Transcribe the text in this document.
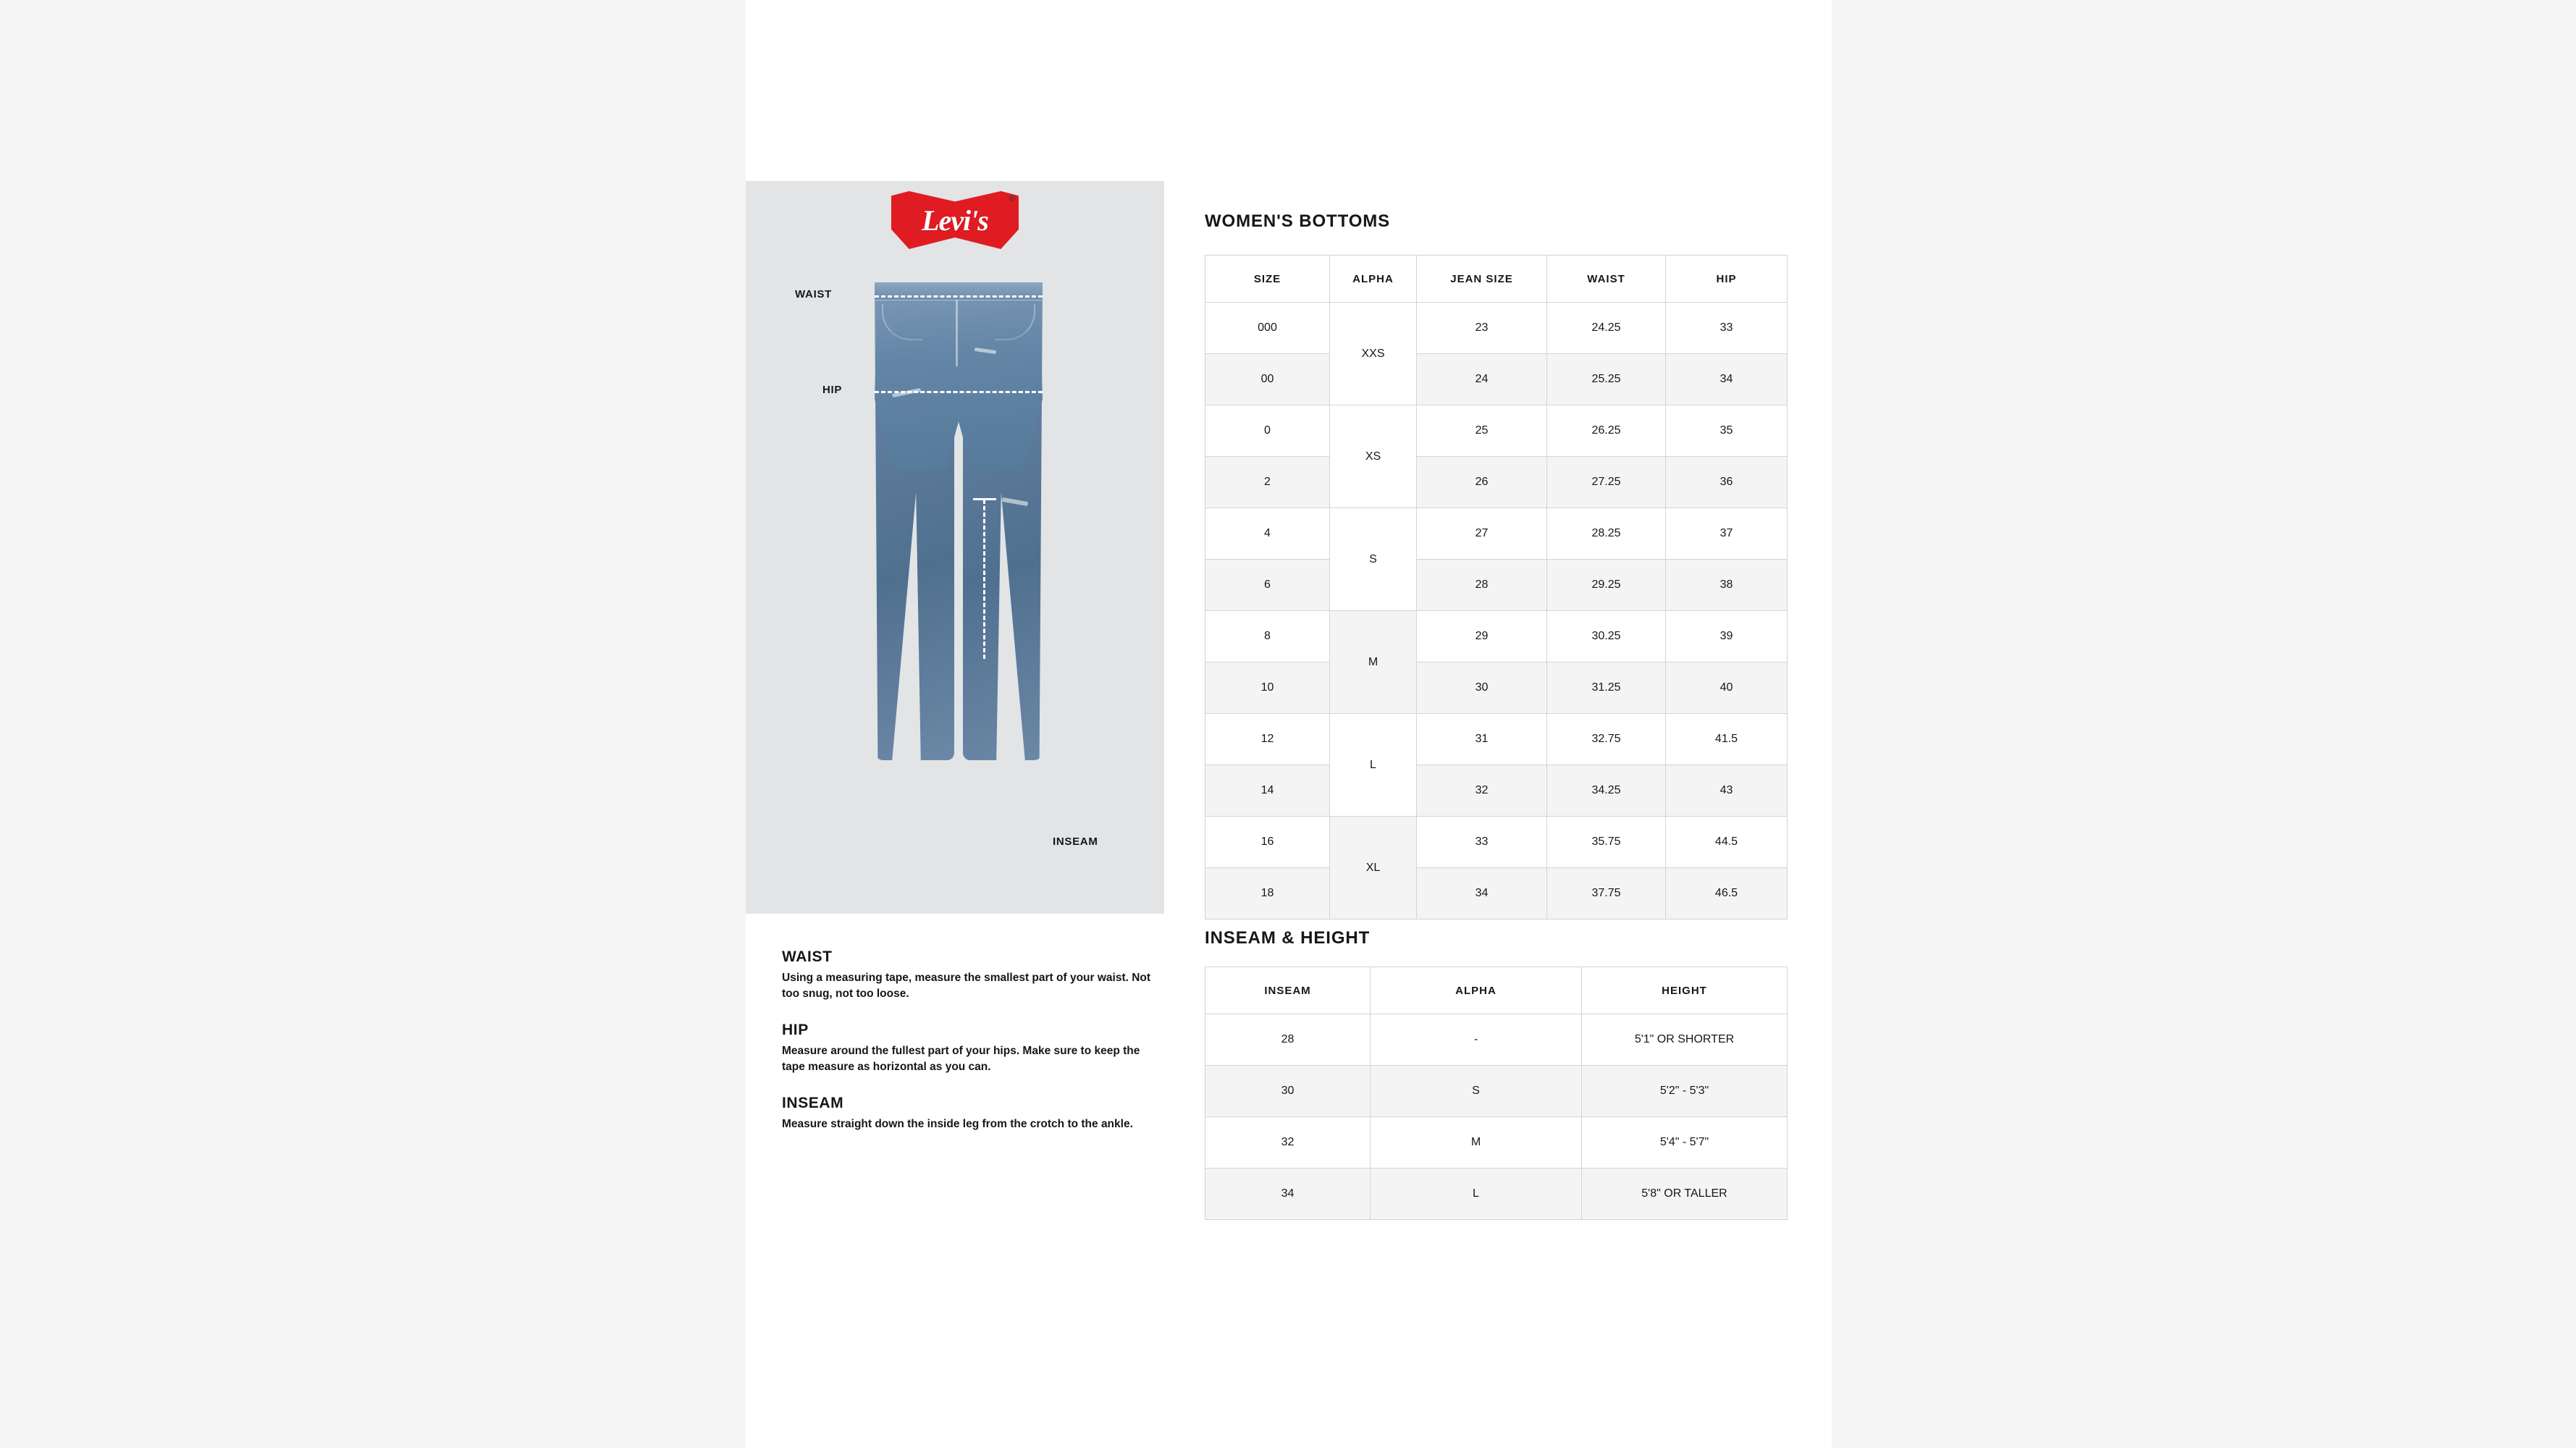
Levi's
®
WAIST
HIP
INSEAM

WAIST

Using a measuring tape, measure the smallest part of your waist. Not too snug, not too loose.

HIP

Measure around the fullest part of your hips. Make sure to keep the tape measure as horizontal as you can.

INSEAM

Measure straight down the inside leg from the crotch to the ankle.

WOMEN'S BOTTOMS
SIZE	ALPHA	JEAN SIZE	WAIST	HIP
000	XXS	23	24.25	33
00		24	25.25	34
0	XS	25	26.25	35
2		26	27.25	36
4	S	27	28.25	37
6		28	29.25	38
8	M	29	30.25	39
10		30	31.25	40
12	L	31	32.75	41.5
14		32	34.25	43
16	XL	33	35.75	44.5
18		34	37.75	46.5
INSEAM & HEIGHT
INSEAM	ALPHA	HEIGHT
28	-	5'1" OR SHORTER
30	S	5'2" - 5'3"
32	M	5'4" - 5'7"
34	L	5'8" OR TALLER
